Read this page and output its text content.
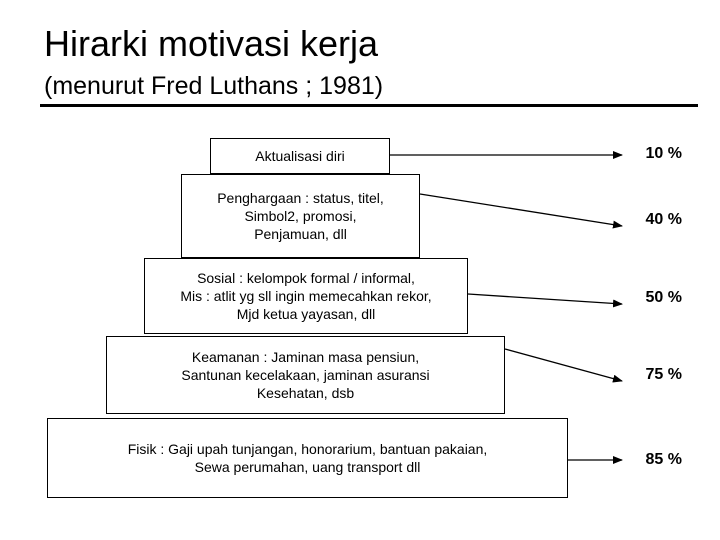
Hirarki motivasi kerja
(menurut Fred Luthans ; 1981)
Fisik : Gaji upah tunjangan, honorarium, bantuan pakaian,
Sewa perumahan, uang transport dll
Keamanan : Jaminan masa pensiun,
Santunan kecelakaan, jaminan asuransi
Kesehatan, dsb
Sosial : kelompok formal / informal,
Mis : atlit yg sll ingin memecahkan rekor,
Mjd ketua yayasan, dll
Penghargaan : status, titel,
Simbol2, promosi,
Penjamuan, dll
Aktualisasi diri	10 %
40 %
50 %
75 %
85 %
